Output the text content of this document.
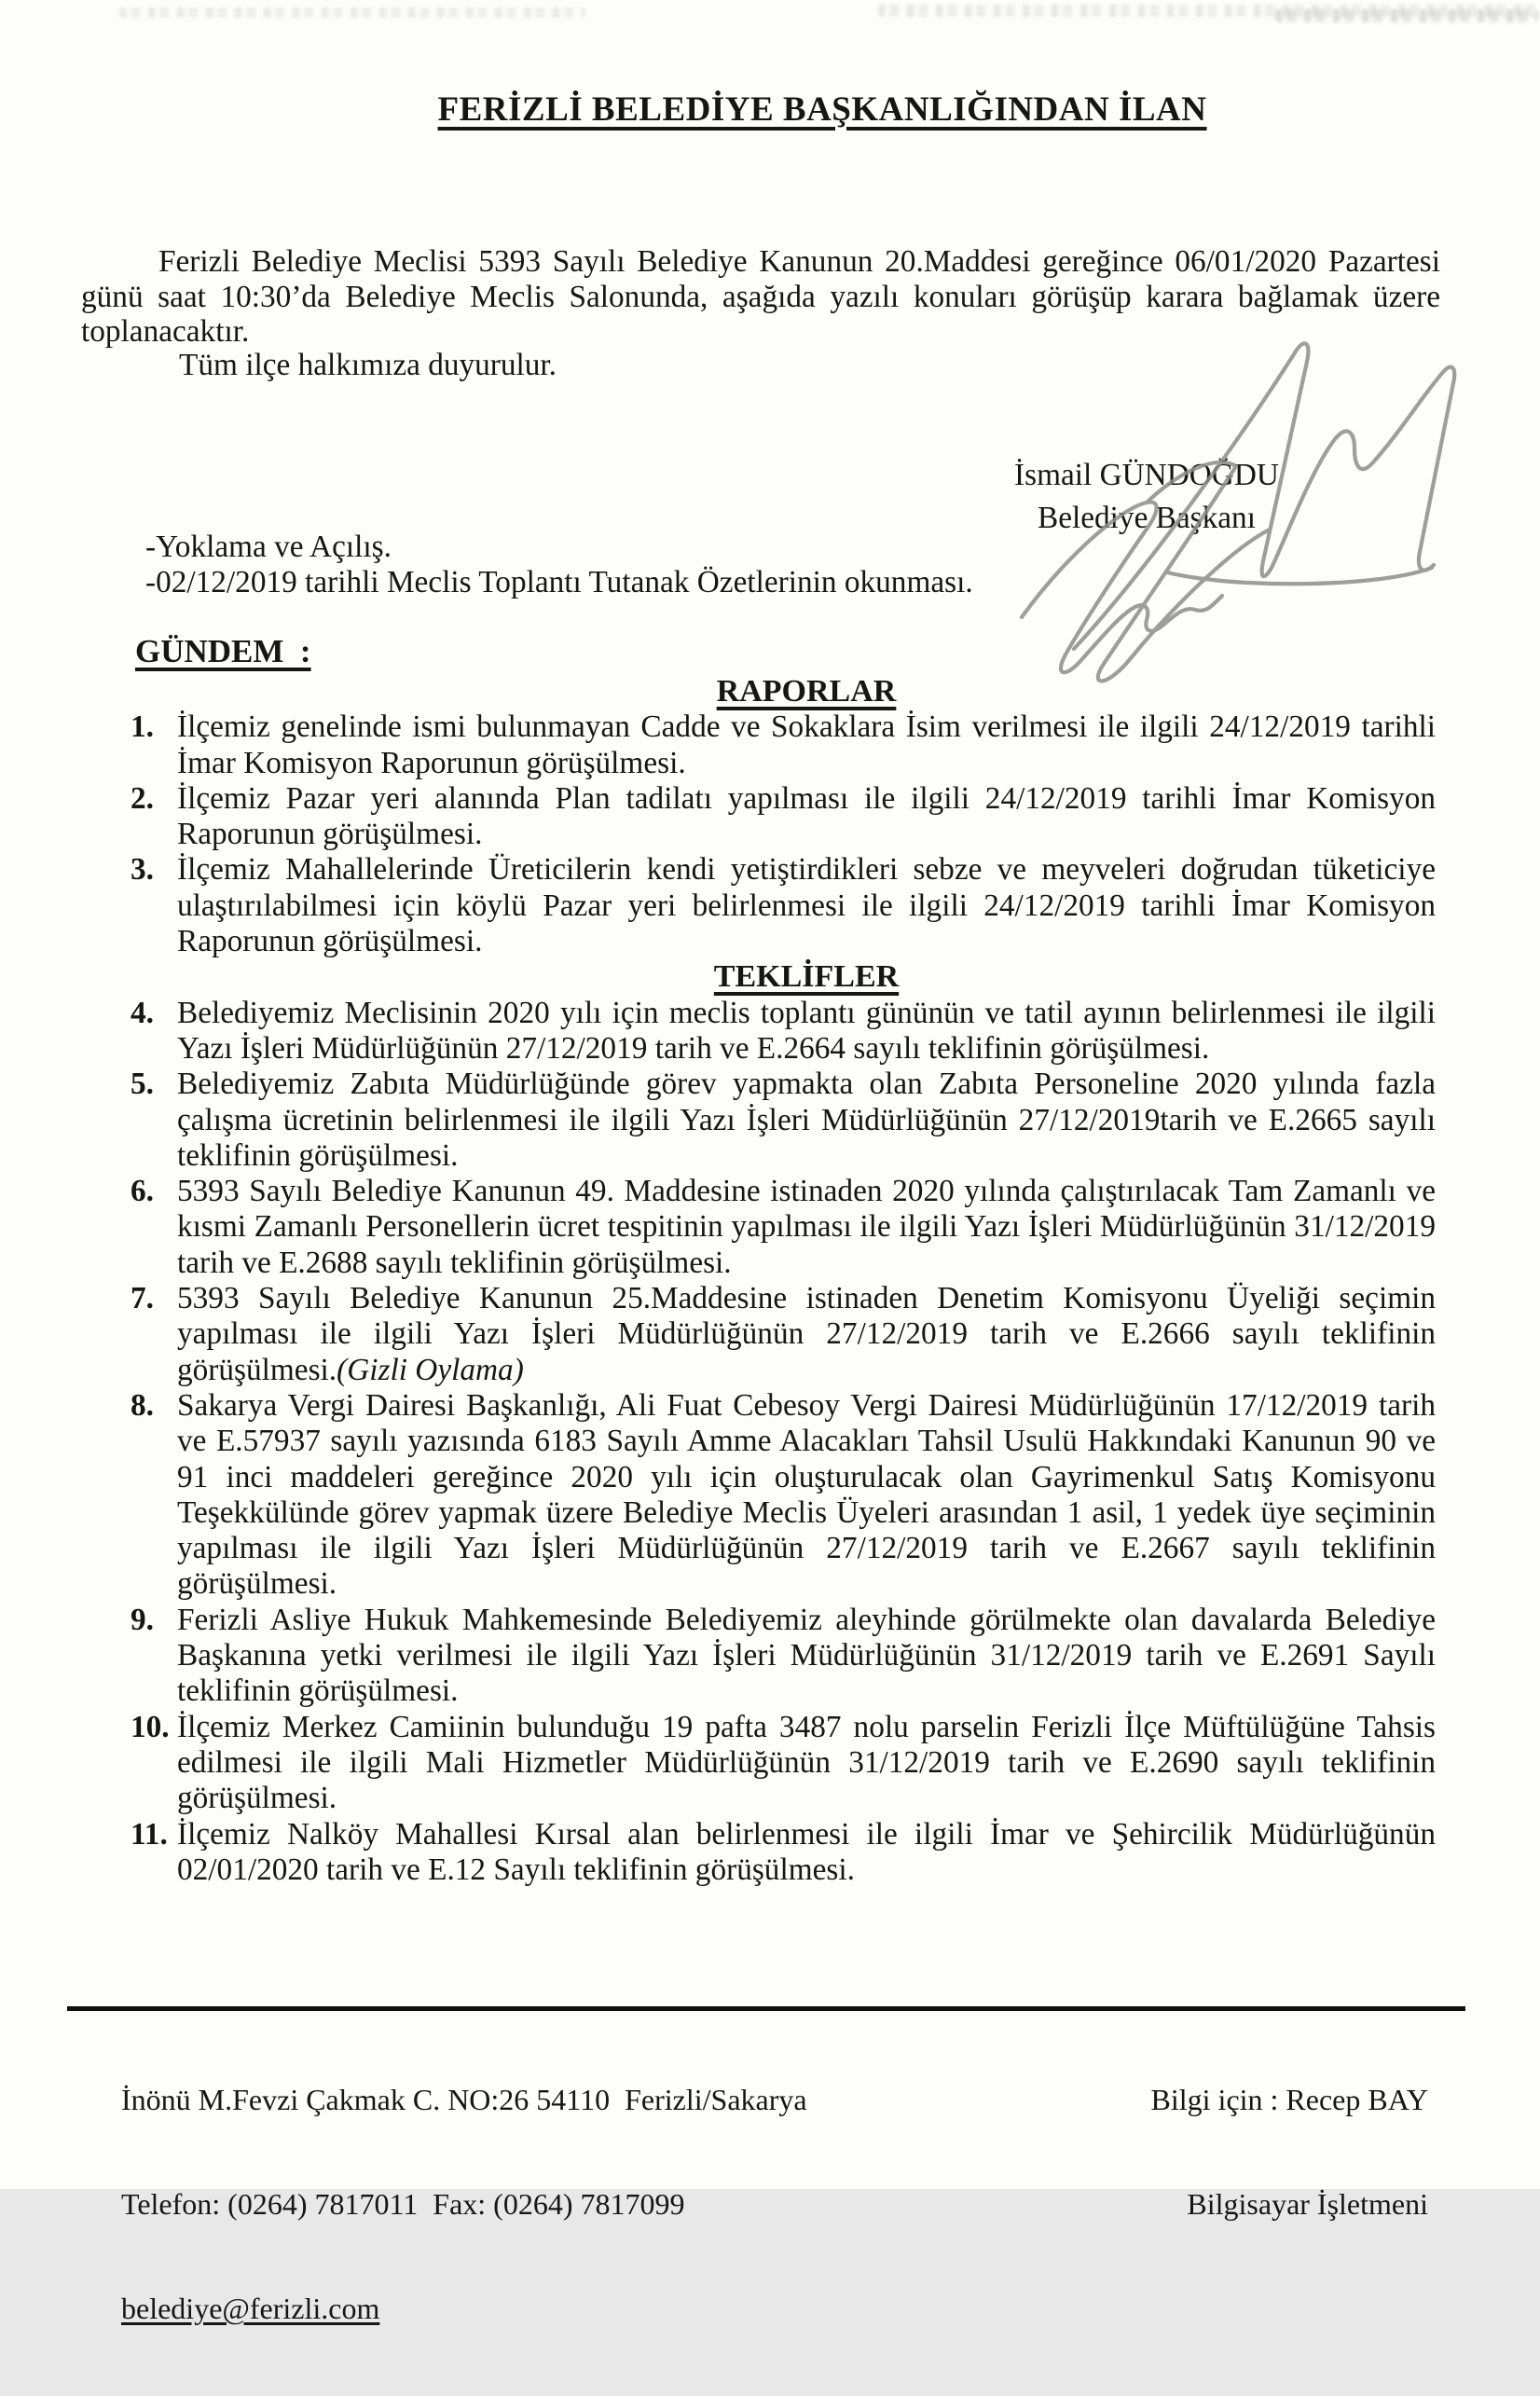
FERİZLİ BELEDİYE BAŞKANLIĞINDAN İLAN
Ferizli Belediye Meclisi 5393 Sayılı Belediye Kanunun 20.Maddesi gereğince 06/01/2020 Pazartesi günü saat 10:30’da Belediye Meclis Salonunda, aşağıda yazılı konuları görüşüp karara bağlamak üzere toplanacaktır.
Tüm ilçe halkımıza duyurulur.
İsmail GÜNDOĞDU
Belediye Başkanı
-Yoklama ve Açılış.
-02/12/2019 tarihli Meclis Toplantı Tutanak Özetlerinin okunması.
GÜNDEM  :
RAPORLAR
1. İlçemiz genelinde ismi bulunmayan Cadde ve Sokaklara İsim verilmesi ile ilgili 24/12/2019 tarihli İmar Komisyon Raporunun görüşülmesi.
2. İlçemiz Pazar yeri alanında Plan tadilatı yapılması ile ilgili 24/12/2019 tarihli İmar Komisyon Raporunun görüşülmesi.
3. İlçemiz Mahallelerinde Üreticilerin kendi yetiştirdikleri sebze ve meyveleri doğrudan tüketiciye ulaştırılabilmesi için köylü Pazar yeri belirlenmesi ile ilgili 24/12/2019 tarihli İmar Komisyon Raporunun görüşülmesi.
TEKLİFLER
4. Belediyemiz Meclisinin 2020 yılı için meclis toplantı gününün ve tatil ayının belirlenmesi ile ilgili Yazı İşleri Müdürlüğünün 27/12/2019 tarih ve E.2664 sayılı teklifinin görüşülmesi.
5. Belediyemiz Zabıta Müdürlüğünde görev yapmakta olan Zabıta Personeline 2020 yılında fazla çalışma ücretinin belirlenmesi ile ilgili Yazı İşleri Müdürlüğünün 27/12/2019tarih ve E.2665 sayılı teklifinin görüşülmesi.
6. 5393 Sayılı Belediye Kanunun 49. Maddesine istinaden 2020 yılında çalıştırılacak Tam Zamanlı ve kısmi Zamanlı Personellerin ücret tespitinin yapılması ile ilgili Yazı İşleri Müdürlüğünün 31/12/2019 tarih ve E.2688 sayılı teklifinin görüşülmesi.
7. 5393 Sayılı Belediye Kanunun 25.Maddesine istinaden Denetim Komisyonu Üyeliği seçimin yapılması ile ilgili Yazı İşleri Müdürlüğünün 27/12/2019 tarih ve E.2666 sayılı teklifinin görüşülmesi.(Gizli Oylama)
8. Sakarya Vergi Dairesi Başkanlığı, Ali Fuat Cebesoy Vergi Dairesi Müdürlüğünün 17/12/2019 tarih ve E.57937 sayılı yazısında 6183 Sayılı Amme Alacakları Tahsil Usulü Hakkındaki Kanunun 90 ve 91 inci maddeleri gereğince 2020 yılı için oluşturulacak olan Gayrimenkul Satış Komisyonu Teşekkülünde görev yapmak üzere Belediye Meclis Üyeleri arasından 1 asil, 1 yedek üye seçiminin yapılması ile ilgili Yazı İşleri Müdürlüğünün 27/12/2019 tarih ve E.2667 sayılı teklifinin görüşülmesi.
9. Ferizli Asliye Hukuk Mahkemesinde Belediyemiz aleyhinde görülmekte olan davalarda Belediye Başkanına yetki verilmesi ile ilgili Yazı İşleri Müdürlüğünün 31/12/2019 tarih ve E.2691 Sayılı teklifinin görüşülmesi.
10. İlçemiz Merkez Camiinin bulunduğu 19 pafta 3487 nolu parselin Ferizli İlçe Müftülüğüne Tahsis edilmesi ile ilgili Mali Hizmetler Müdürlüğünün 31/12/2019 tarih ve E.2690 sayılı teklifinin görüşülmesi.
11. İlçemiz Nalköy Mahallesi Kırsal alan belirlenmesi ile ilgili İmar ve Şehircilik Müdürlüğünün 02/01/2020 tarih ve E.12 Sayılı teklifinin görüşülmesi.

İnönü M.Fevzi Çakmak C. NO:26 54110  Ferizli/Sakarya

Telefon: (0264) 7817011  Fax: (0264) 7817099

belediye@ferizli.com

Bilgi için : Recep BAY

Bilgisayar İşletmeni
